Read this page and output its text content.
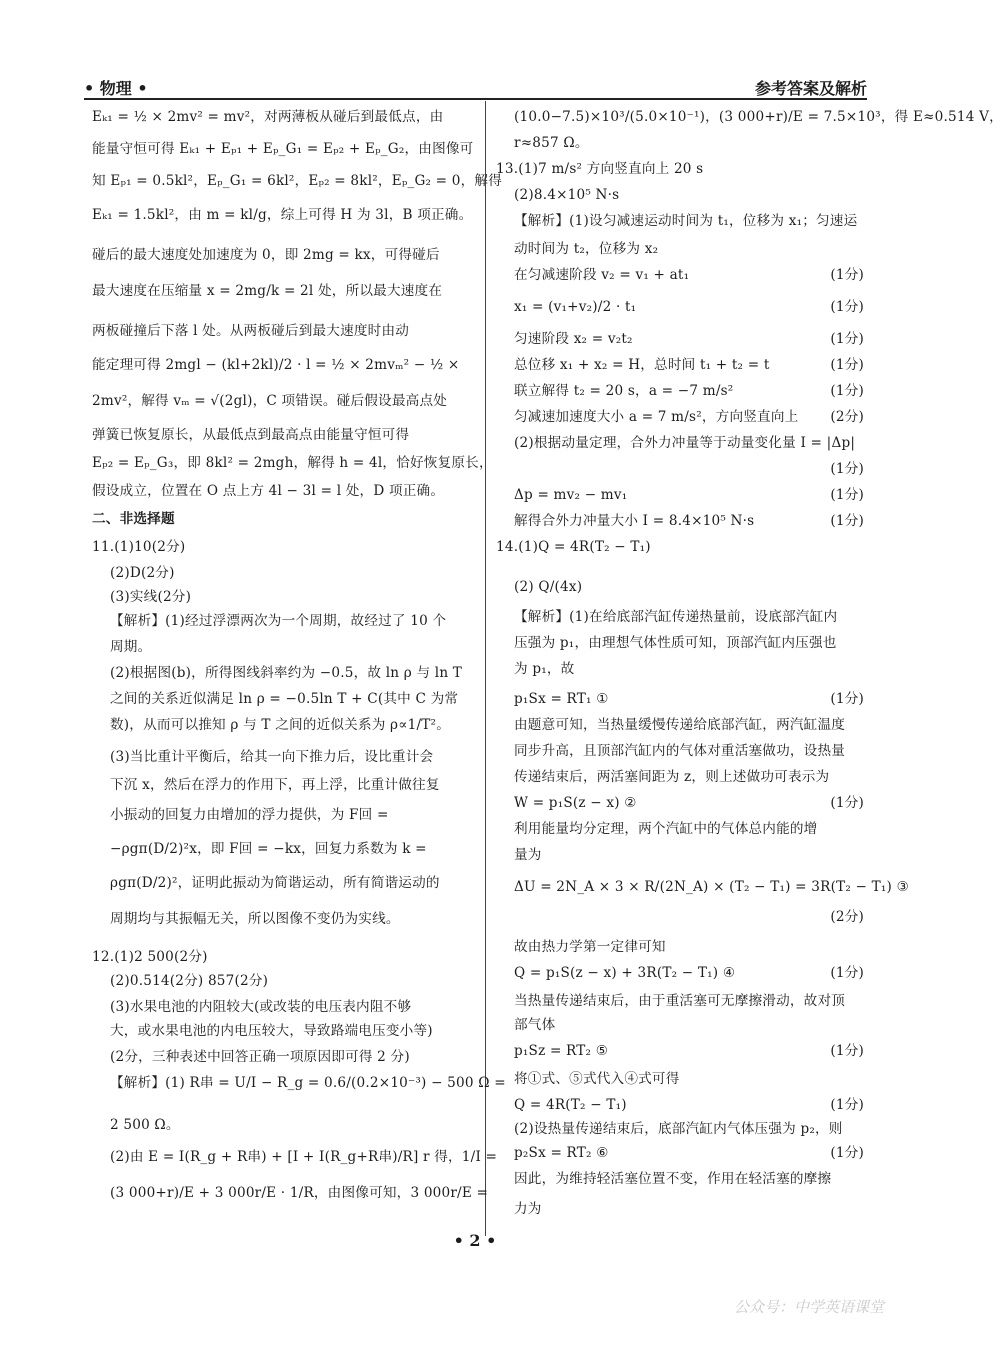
• 物理 •	参考答案及解析
Eₖ₁ = ½ × 2mv² = mv²，对两薄板从碰后到最低点，由
能量守恒可得 Eₖ₁ + Eₚ₁ + Eₚ_G₁ = Eₚ₂ + Eₚ_G₂，由图像可
知 Eₚ₁ = 0.5kl²，Eₚ_G₁ = 6kl²，Eₚ₂ = 8kl²，Eₚ_G₂ = 0，解得
Eₖ₁ = 1.5kl²，由 m = kl/g，综上可得 H 为 3l，B 项正确。
碰后的最大速度处加速度为 0，即 2mg = kx，可得碰后
最大速度在压缩量 x = 2mg/k = 2l 处，所以最大速度在
两板碰撞后下落 l 处。从两板碰后到最大速度时由动
能定理可得 2mgl − (kl+2kl)/2 · l = ½ × 2mvₘ² − ½ ×
2mv²，解得 vₘ = √(2gl)，C 项错误。碰后假设最高点处
弹簧已恢复原长，从最低点到最高点由能量守恒可得
Eₚ₂ = Eₚ_G₃，即 8kl² = 2mgh，解得 h = 4l，恰好恢复原长，
假设成立，位置在 O 点上方 4l − 3l = l 处，D 项正确。
二、非选择题
11.(1)10(2分)
(2)D(2分)
(3)实线(2分)
【解析】(1)经过浮漂两次为一个周期，故经过了 10 个
周期。
(2)根据图(b)，所得图线斜率约为 −0.5，故 ln ρ 与 ln T
之间的关系近似满足 ln ρ = −0.5ln T + C(其中 C 为常
数)，从而可以推知 ρ 与 T 之间的近似关系为 ρ∝1/T²。
(3)当比重计平衡后，给其一向下推力后，设比重计会
下沉 x，然后在浮力的作用下，再上浮，比重计做往复
小振动的回复力由增加的浮力提供，为 F回 =
−ρgπ(D/2)²x，即 F回 = −kx，回复力系数为 k =
ρgπ(D/2)²，证明此振动为简谐运动，所有简谐运动的
周期均与其振幅无关，所以图像不变仍为实线。
12.(1)2 500(2分)
(2)0.514(2分) 857(2分)
(3)水果电池的内阻较大(或改装的电压表内阻不够
大，或水果电池的内电压较大，导致路端电压变小等)
(2分，三种表述中回答正确一项原因即可得 2 分)
【解析】(1) R串 = U/I − R_g = 0.6/(0.2×10⁻³) − 500 Ω =
2 500 Ω。
(2)由 E = I(R_g + R串) + [I + I(R_g+R串)/R] r 得，1/I =
(3 000+r)/E + 3 000r/E · 1/R，由图像可知，3 000r/E =
(10.0−7.5)×10³/(5.0×10⁻¹)，(3 000+r)/E = 7.5×10³，得 E≈0.514 V，
r≈857 Ω。
13.(1)7 m/s² 方向竖直向上 20 s
(2)8.4×10⁵ N·s
【解析】(1)设匀减速运动时间为 t₁，位移为 x₁；匀速运
动时间为 t₂，位移为 x₂
在匀减速阶段 v₂ = v₁ + at₁	(1分)
x₁ = (v₁+v₂)/2 · t₁	(1分)
匀速阶段 x₂ = v₂t₂	(1分)
总位移 x₁ + x₂ = H，总时间 t₁ + t₂ = t	(1分)
联立解得 t₂ = 20 s，a = −7 m/s²	(1分)
匀减速加速度大小 a = 7 m/s²，方向竖直向上 (2分)
(2)根据动量定理，合外力冲量等于动量变化量 I = |Δp|
(1分)
Δp = mv₂ − mv₁	(1分)
解得合外力冲量大小 I = 8.4×10⁵ N·s	(1分)
14.(1)Q = 4R(T₂ − T₁)
(2) Q/(4x)
【解析】(1)在给底部汽缸传递热量前，设底部汽缸内
压强为 p₁，由理想气体性质可知，顶部汽缸内压强也
为 p₁，故
p₁Sx = RT₁ ①	(1分)
由题意可知，当热量缓慢传递给底部汽缸，两汽缸温度
同步升高，且顶部汽缸内的气体对重活塞做功，设热量
传递结束后，两活塞间距为 z，则上述做功可表示为
W = p₁S(z − x) ②	(1分)
利用能量均分定理，两个汽缸中的气体总内能的增
量为
ΔU = 2N_A × 3 × R/(2N_A) × (T₂ − T₁) = 3R(T₂ − T₁) ③
(2分)
故由热力学第一定律可知
Q = p₁S(z − x) + 3R(T₂ − T₁) ④	(1分)
当热量传递结束后，由于重活塞可无摩擦滑动，故对顶
部气体
p₁Sz = RT₂ ⑤	(1分)
将①式、⑤式代入④式可得
Q = 4R(T₂ − T₁)	(1分)
(2)设热量传递结束后，底部汽缸内气体压强为 p₂，则
p₂Sx = RT₂ ⑥	(1分)
因此，为维持轻活塞位置不变，作用在轻活塞的摩擦
力为
• 2 •
公众号：中学英语课堂
